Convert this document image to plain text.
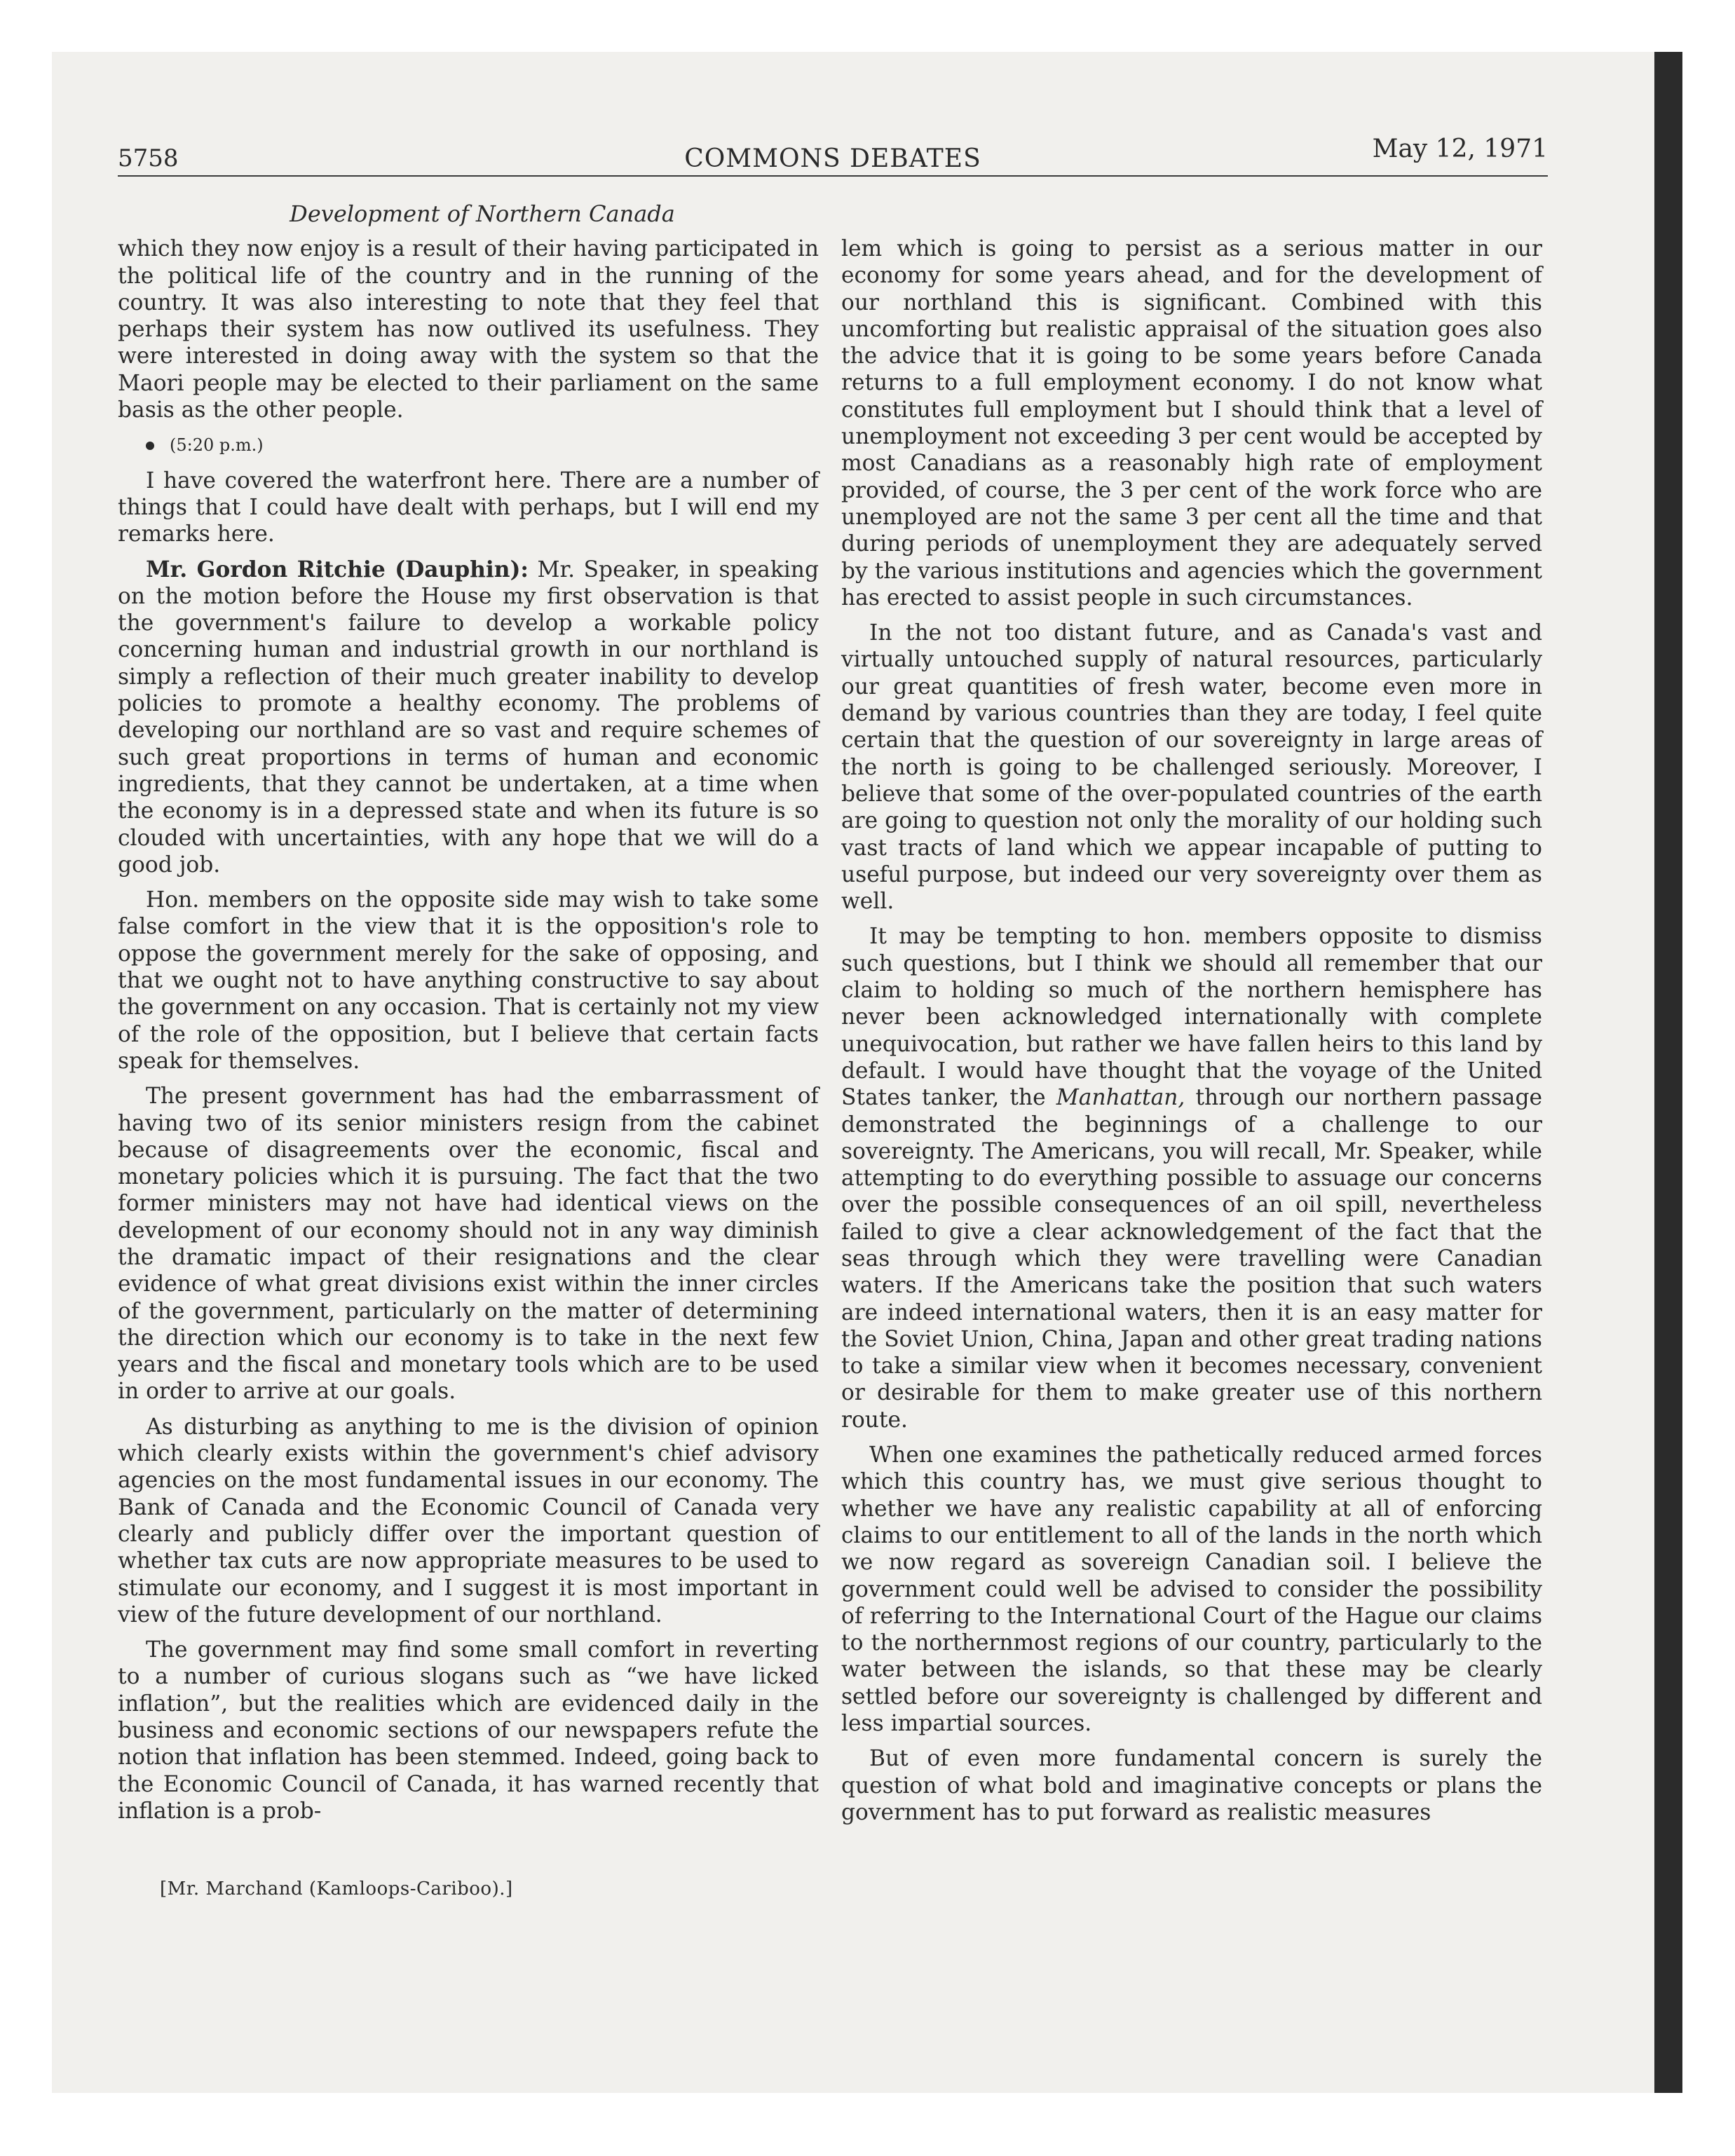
5758	COMMONS DEBATES	May 12, 1971

Development of Northern Canada

which they now enjoy is a result of their having participated in the political life of the country and in the running of the country. It was also interesting to note that they feel that perhaps their system has now outlived its usefulness. They were interested in doing away with the system so that the Maori people may be elected to their parliament on the same basis as the other people.

(5:20 p.m.)

I have covered the waterfront here. There are a number of things that I could have dealt with perhaps, but I will end my remarks here.

Mr. Gordon Ritchie (Dauphin): Mr. Speaker, in speaking on the motion before the House my first observation is that the government's failure to develop a workable policy concerning human and industrial growth in our northland is simply a reflection of their much greater inability to develop policies to promote a healthy economy. The problems of developing our northland are so vast and require schemes of such great proportions in terms of human and economic ingredients, that they cannot be undertaken, at a time when the economy is in a depressed state and when its future is so clouded with uncertainties, with any hope that we will do a good job.

Hon. members on the opposite side may wish to take some false comfort in the view that it is the opposition's role to oppose the government merely for the sake of opposing, and that we ought not to have anything constructive to say about the government on any occasion. That is certainly not my view of the role of the opposition, but I believe that certain facts speak for themselves.

The present government has had the embarrassment of having two of its senior ministers resign from the cabinet because of disagreements over the economic, fiscal and monetary policies which it is pursuing. The fact that the two former ministers may not have had identical views on the development of our economy should not in any way diminish the dramatic impact of their resignations and the clear evidence of what great divisions exist within the inner circles of the government, particularly on the matter of determining the direction which our economy is to take in the next few years and the fiscal and monetary tools which are to be used in order to arrive at our goals.

As disturbing as anything to me is the division of opinion which clearly exists within the government's chief advisory agencies on the most fundamental issues in our economy. The Bank of Canada and the Economic Council of Canada very clearly and publicly differ over the important question of whether tax cuts are now appropriate measures to be used to stimulate our economy, and I suggest it is most important in view of the future development of our northland.

The government may find some small comfort in reverting to a number of curious slogans such as “we have licked inflation”, but the realities which are evidenced daily in the business and economic sections of our newspapers refute the notion that inflation has been stemmed. Indeed, going back to the Economic Council of Canada, it has warned recently that inflation is a prob-

[Mr. Marchand (Kamloops-Cariboo).]

lem which is going to persist as a serious matter in our economy for some years ahead, and for the development of our northland this is significant. Combined with this uncomforting but realistic appraisal of the situation goes also the advice that it is going to be some years before Canada returns to a full employment economy. I do not know what constitutes full employment but I should think that a level of unemployment not exceeding 3 per cent would be accepted by most Canadians as a reasonably high rate of employment provided, of course, the 3 per cent of the work force who are unemployed are not the same 3 per cent all the time and that during periods of unemployment they are adequately served by the various institutions and agencies which the government has erected to assist people in such circumstances.

In the not too distant future, and as Canada's vast and virtually untouched supply of natural resources, particularly our great quantities of fresh water, become even more in demand by various countries than they are today, I feel quite certain that the question of our sovereignty in large areas of the north is going to be challenged seriously. Moreover, I believe that some of the over-populated countries of the earth are going to question not only the morality of our holding such vast tracts of land which we appear incapable of putting to useful purpose, but indeed our very sovereignty over them as well.

It may be tempting to hon. members opposite to dismiss such questions, but I think we should all remember that our claim to holding so much of the northern hemisphere has never been acknowledged internationally with complete unequivocation, but rather we have fallen heirs to this land by default. I would have thought that the voyage of the United States tanker, the Manhattan, through our northern passage demonstrated the beginnings of a challenge to our sovereignty. The Americans, you will recall, Mr. Speaker, while attempting to do everything possible to assuage our concerns over the possible consequences of an oil spill, nevertheless failed to give a clear acknowledgement of the fact that the seas through which they were travelling were Canadian waters. If the Americans take the position that such waters are indeed international waters, then it is an easy matter for the Soviet Union, China, Japan and other great trading nations to take a similar view when it becomes necessary, convenient or desirable for them to make greater use of this northern route.

When one examines the pathetically reduced armed forces which this country has, we must give serious thought to whether we have any realistic capability at all of enforcing claims to our entitlement to all of the lands in the north which we now regard as sovereign Canadian soil. I believe the government could well be advised to consider the possibility of referring to the International Court of the Hague our claims to the northernmost regions of our country, particularly to the water between the islands, so that these may be clearly settled before our sovereignty is challenged by different and less impartial sources.

But of even more fundamental concern is surely the question of what bold and imaginative concepts or plans the government has to put forward as realistic measures
